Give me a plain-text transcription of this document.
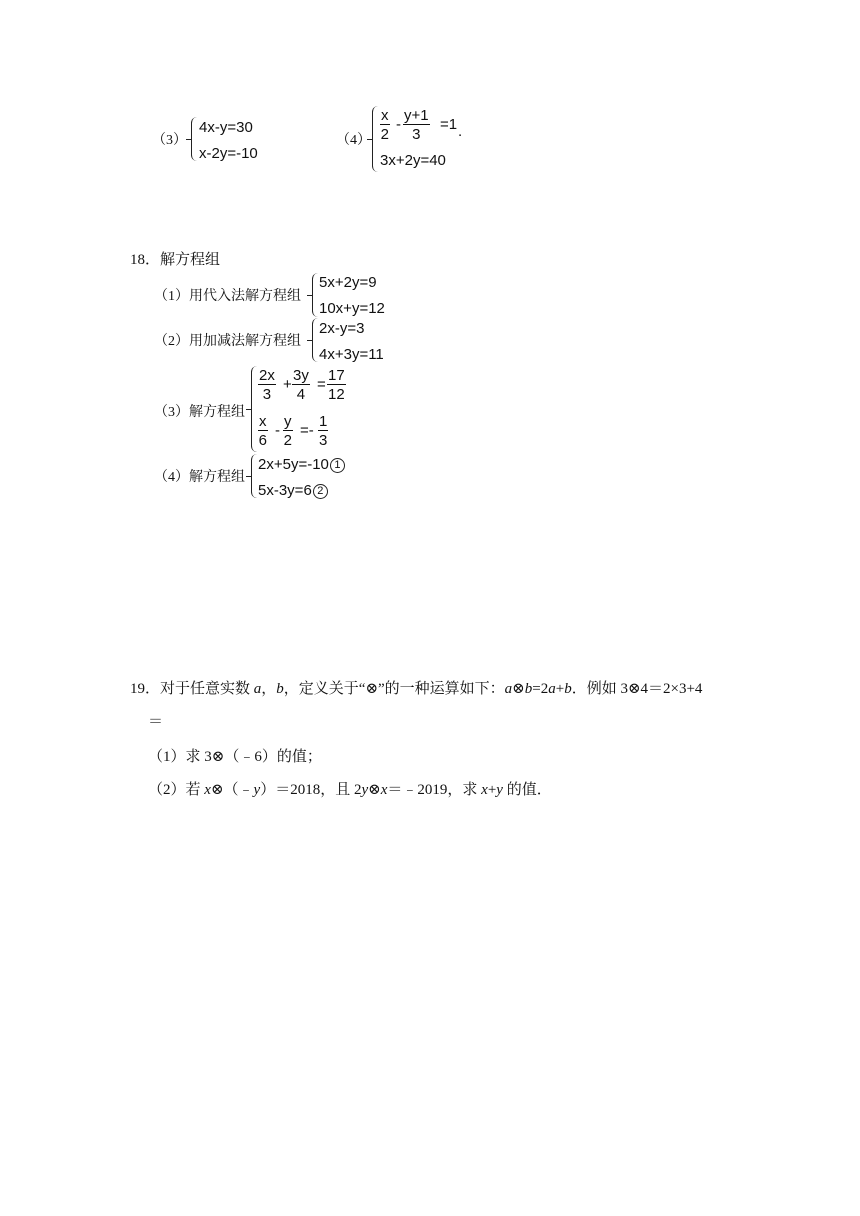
（3）
4x-y=30
x-2y=-10
$(4) \frac{x}{2} - \frac{y+1}{3} =1$ .
3x+2y=40
18．解方程组
（1）用代入法解方程组
5x+2y=9
10x+y=12
（2）用加减法解方程组
2x-y=3
4x+3y=11
（3）解方程组
$\frac{2x}{3} + \frac{3y}{4} = \frac{17}{12}$
$\frac{x}{6} - \frac{y}{2} =- \frac{1}{3}$
（4）解方程组
2x+5y=-10 1
5x-3y=6 2
19．对于任意实数 a，b，定义关于“⊗”的一种运算如下：a⊗b=2a+b．例如 3⊗4＝2×3+4
＝
（1）求 3⊗（﹣6）的值；
（2）若 x⊗（﹣y）＝2018，且 2y⊗x＝﹣2019，求 x+y 的值．
